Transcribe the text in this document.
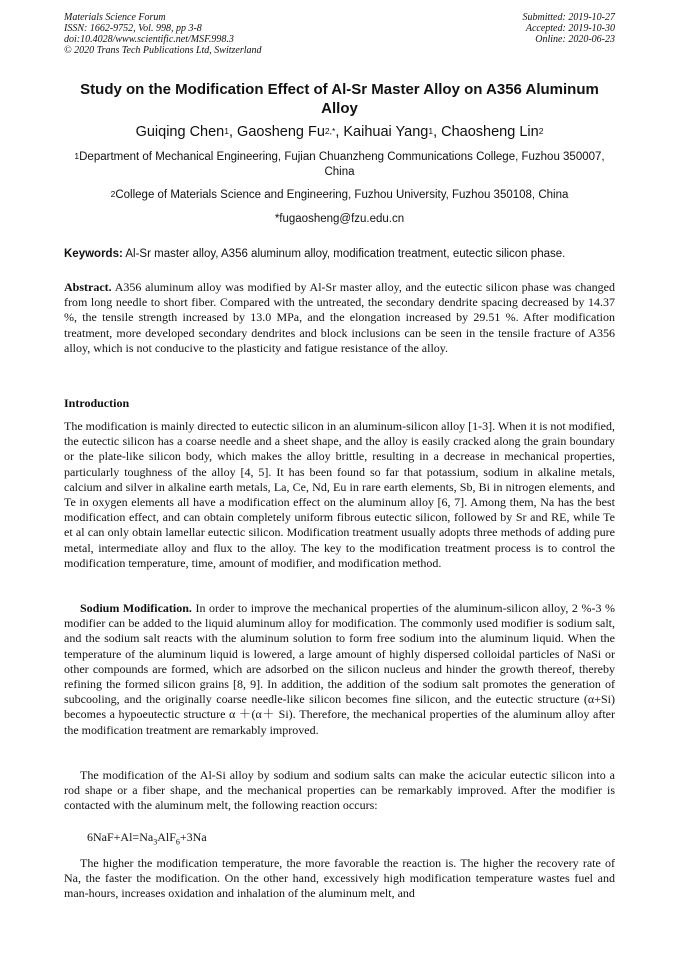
Materials Science Forum
ISSN: 1662-9752, Vol. 998, pp 3-8
doi:10.4028/www.scientific.net/MSF.998.3
© 2020 Trans Tech Publications Ltd, Switzerland
Submitted: 2019-10-27
Accepted: 2019-10-30
Online: 2020-06-23
Study on the Modification Effect of Al-Sr Master Alloy on A356 Aluminum Alloy
Guiqing Chen$^1$, Gaosheng $Fu^{2,*}$, Kaihuai Yang$^1$, Chaosheng Lin$^2$
$^1$Department of Mechanical Engineering, Fujian Chuanzheng Communications College, Fuzhou 350007, China
$^2$College of Materials Science and Engineering, Fuzhou University, Fuzhou 350108, China
*fugaosheng@fzu.edu.cn
Keywords: Al-Sr master alloy, A356 aluminum alloy, modification treatment, eutectic silicon phase.
Abstract. A356 aluminum alloy was modified by Al-Sr master alloy, and the eutectic silicon phase was changed from long needle to short fiber. Compared with the untreated, the secondary dendrite spacing decreased by 14.37 %, the tensile strength increased by 13.0 MPa, and the elongation increased by 29.51 %. After modification treatment, more developed secondary dendrites and block inclusions can be seen in the tensile fracture of A356 alloy, which is not conducive to the plasticity and fatigue resistance of the alloy.
Introduction
The modification is mainly directed to eutectic silicon in an aluminum-silicon alloy [1-3]. When it is not modified, the eutectic silicon has a coarse needle and a sheet shape, and the alloy is easily cracked along the grain boundary or the plate-like silicon body, which makes the alloy brittle, resulting in a decrease in mechanical properties, particularly toughness of the alloy [4, 5]. It has been found so far that potassium, sodium in alkaline metals, calcium and silver in alkaline earth metals, La, Ce, Nd, Eu in rare earth elements, Sb, Bi in nitrogen elements, and Te in oxygen elements all have a modification effect on the aluminum alloy [6, 7]. Among them, Na has the best modification effect, and can obtain completely uniform fibrous eutectic silicon, followed by Sr and RE, while Te et al can only obtain lamellar eutectic silicon. Modification treatment usually adopts three methods of adding pure metal, intermediate alloy and flux to the alloy. The key to the modification treatment process is to control the modification temperature, time, amount of modifier, and modification method.
Sodium Modification. In order to improve the mechanical properties of the aluminum-silicon alloy, 2 %-3 % modifier can be added to the liquid aluminum alloy for modification. The commonly used modifier is sodium salt, and the sodium salt reacts with the aluminum solution to form free sodium into the aluminum liquid. When the temperature of the aluminum liquid is lowered, a large amount of highly dispersed colloidal particles of NaSi or other compounds are formed, which are adsorbed on the silicon nucleus and hinder the growth thereof, thereby refining the formed silicon grains [8, 9]. In addition, the addition of the sodium salt promotes the generation of subcooling, and the originally coarse needle-like silicon becomes fine silicon, and the eutectic structure (α+Si) becomes a hypoeutectic structure α ＋(α＋ Si). Therefore, the mechanical properties of the aluminum alloy after the modification treatment are remarkably improved.
The modification of the Al-Si alloy by sodium and sodium salts can make the acicular eutectic silicon into a rod shape or a fiber shape, and the mechanical properties can be remarkably improved. After the modifier is contacted with the aluminum melt, the following reaction occurs:
$6NaF+Al=Na_3AlF_6+3Na$
The higher the modification temperature, the more favorable the reaction is. The higher the recovery rate of Na, the faster the modification. On the other hand, excessively high modification temperature wastes fuel and man-hours, increases oxidation and inhalation of the aluminum melt, and
